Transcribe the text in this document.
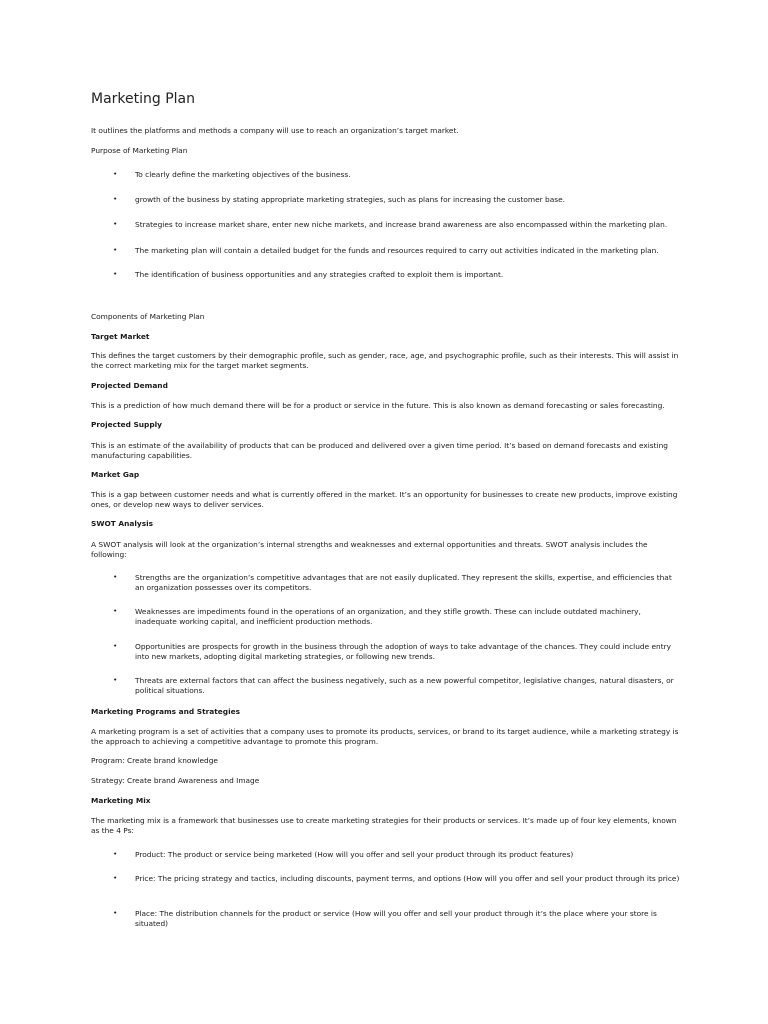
Marketing Plan

It outlines the platforms and methods a company will use to reach an organization’s target market.

Purpose of Marketing Plan

• To clearly define the marketing objectives of the business.

• growth of the business by stating appropriate marketing strategies, such as plans for increasing the customer base.

• Strategies to increase market share, enter new niche markets, and increase brand awareness are also encompassed within the marketing plan.

• The marketing plan will contain a detailed budget for the funds and resources required to carry out activities indicated in the marketing plan.

• The identification of business opportunities and any strategies crafted to exploit them is important.

Components of Marketing Plan

Target Market

This defines the target customers by their demographic profile, such as gender, race, age, and psychographic profile, such as their interests. This will assist in the correct marketing mix for the target market segments.

Projected Demand

This is a prediction of how much demand there will be for a product or service in the future. This is also known as demand forecasting or sales forecasting.

Projected Supply

This is an estimate of the availability of products that can be produced and delivered over a given time period. It’s based on demand forecasts and existing manufacturing capabilities.

Market Gap

This is a gap between customer needs and what is currently offered in the market. It’s an opportunity for businesses to create new products, improve existing ones, or develop new ways to deliver services.

SWOT Analysis

A SWOT analysis will look at the organization’s internal strengths and weaknesses and external opportunities and threats. SWOT analysis includes the following:

• Strengths are the organization’s competitive advantages that are not easily duplicated. They represent the skills, expertise, and efficiencies that an organization possesses over its competitors.

• Weaknesses are impediments found in the operations of an organization, and they stifle growth. These can include outdated machinery, inadequate working capital, and inefficient production methods.

• Opportunities are prospects for growth in the business through the adoption of ways to take advantage of the chances. They could include entry into new markets, adopting digital marketing strategies, or following new trends.

• Threats are external factors that can affect the business negatively, such as a new powerful competitor, legislative changes, natural disasters, or political situations.

Marketing Programs and Strategies

A marketing program is a set of activities that a company uses to promote its products, services, or brand to its target audience, while a marketing strategy is the approach to achieving a competitive advantage to promote this program.

Program: Create brand knowledge

Strategy: Create brand Awareness and Image

Marketing Mix

The marketing mix is a framework that businesses use to create marketing strategies for their products or services. It’s made up of four key elements, known as the 4 Ps:

• Product: The product or service being marketed (How will you offer and sell your product through its product features)

• Price: The pricing strategy and tactics, including discounts, payment terms, and options (How will you offer and sell your product through its price)

• Place: The distribution channels for the product or service (How will you offer and sell your product through it’s the place where your store is situated)
